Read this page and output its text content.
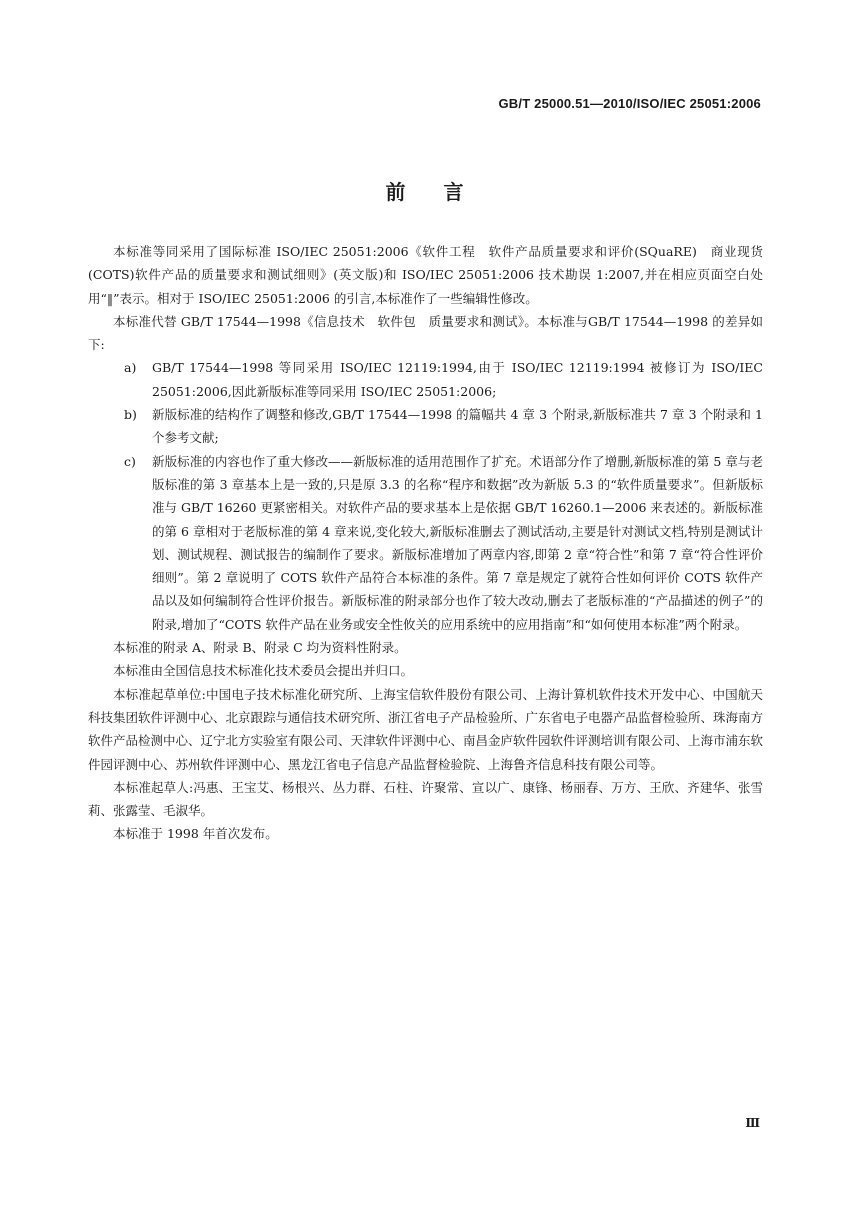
GB/T 25000.51—2010/ISO/IEC 25051:2006
前言

本标准等同采用了国际标准 ISO/IEC 25051:2006《软件工程　软件产品质量要求和评价(SQuaRE)　商业现货(COTS)软件产品的质量要求和测试细则》(英文版)和 ISO/IEC 25051:2006 技术勘误 1:2007,并在相应页面空白处用“‖”表示。相对于 ISO/IEC 25051:2006 的引言,本标准作了一些编辑性修改。

本标准代替 GB/T 17544—1998《信息技术　软件包　质量要求和测试》。本标准与GB/T 17544—1998 的差异如下:

a) GB/T 17544—1998 等同采用 ISO/IEC 12119:1994,由于 ISO/IEC 12119:1994 被修订为 ISO/IEC 25051:2006,因此新版标准等同采用 ISO/IEC 25051:2006;
b) 新版标准的结构作了调整和修改,GB/T 17544—1998 的篇幅共 4 章 3 个附录,新版标准共 7 章 3 个附录和 1 个参考文献;
c) 新版标准的内容也作了重大修改——新版标准的适用范围作了扩充。术语部分作了增删,新版标准的第 5 章与老版标准的第 3 章基本上是一致的,只是原 3.3 的名称“程序和数据”改为新版 5.3 的“软件质量要求”。但新版标准与 GB/T 16260 更紧密相关。对软件产品的要求基本上是依据 GB/T 16260.1—2006 来表述的。新版标准的第 6 章相对于老版标准的第 4 章来说,变化较大,新版标准删去了测试活动,主要是针对测试文档,特别是测试计划、测试规程、测试报告的编制作了要求。新版标准增加了两章内容,即第 2 章“符合性”和第 7 章“符合性评价细则”。第 2 章说明了 COTS 软件产品符合本标准的条件。第 7 章是规定了就符合性如何评价 COTS 软件产品以及如何编制符合性评价报告。新版标准的附录部分也作了较大改动,删去了老版标准的“产品描述的例子”的附录,增加了“COTS 软件产品在业务或安全性攸关的应用系统中的应用指南”和“如何使用本标准”两个附录。

本标准的附录 A、附录 B、附录 C 均为资料性附录。

本标准由全国信息技术标准化技术委员会提出并归口。

本标准起草单位:中国电子技术标准化研究所、上海宝信软件股份有限公司、上海计算机软件技术开发中心、中国航天科技集团软件评测中心、北京跟踪与通信技术研究所、浙江省电子产品检验所、广东省电子电器产品监督检验所、珠海南方软件产品检测中心、辽宁北方实验室有限公司、天津软件评测中心、南昌金庐软件园软件评测培训有限公司、上海市浦东软件园评测中心、苏州软件评测中心、黑龙江省电子信息产品监督检验院、上海鲁齐信息科技有限公司等。

本标准起草人:冯惠、王宝艾、杨根兴、丛力群、石柱、许聚常、宣以广、康锋、杨丽春、万方、王欣、齐建华、张雪莉、张露莹、毛淑华。

本标准于 1998 年首次发布。

Ⅲ
